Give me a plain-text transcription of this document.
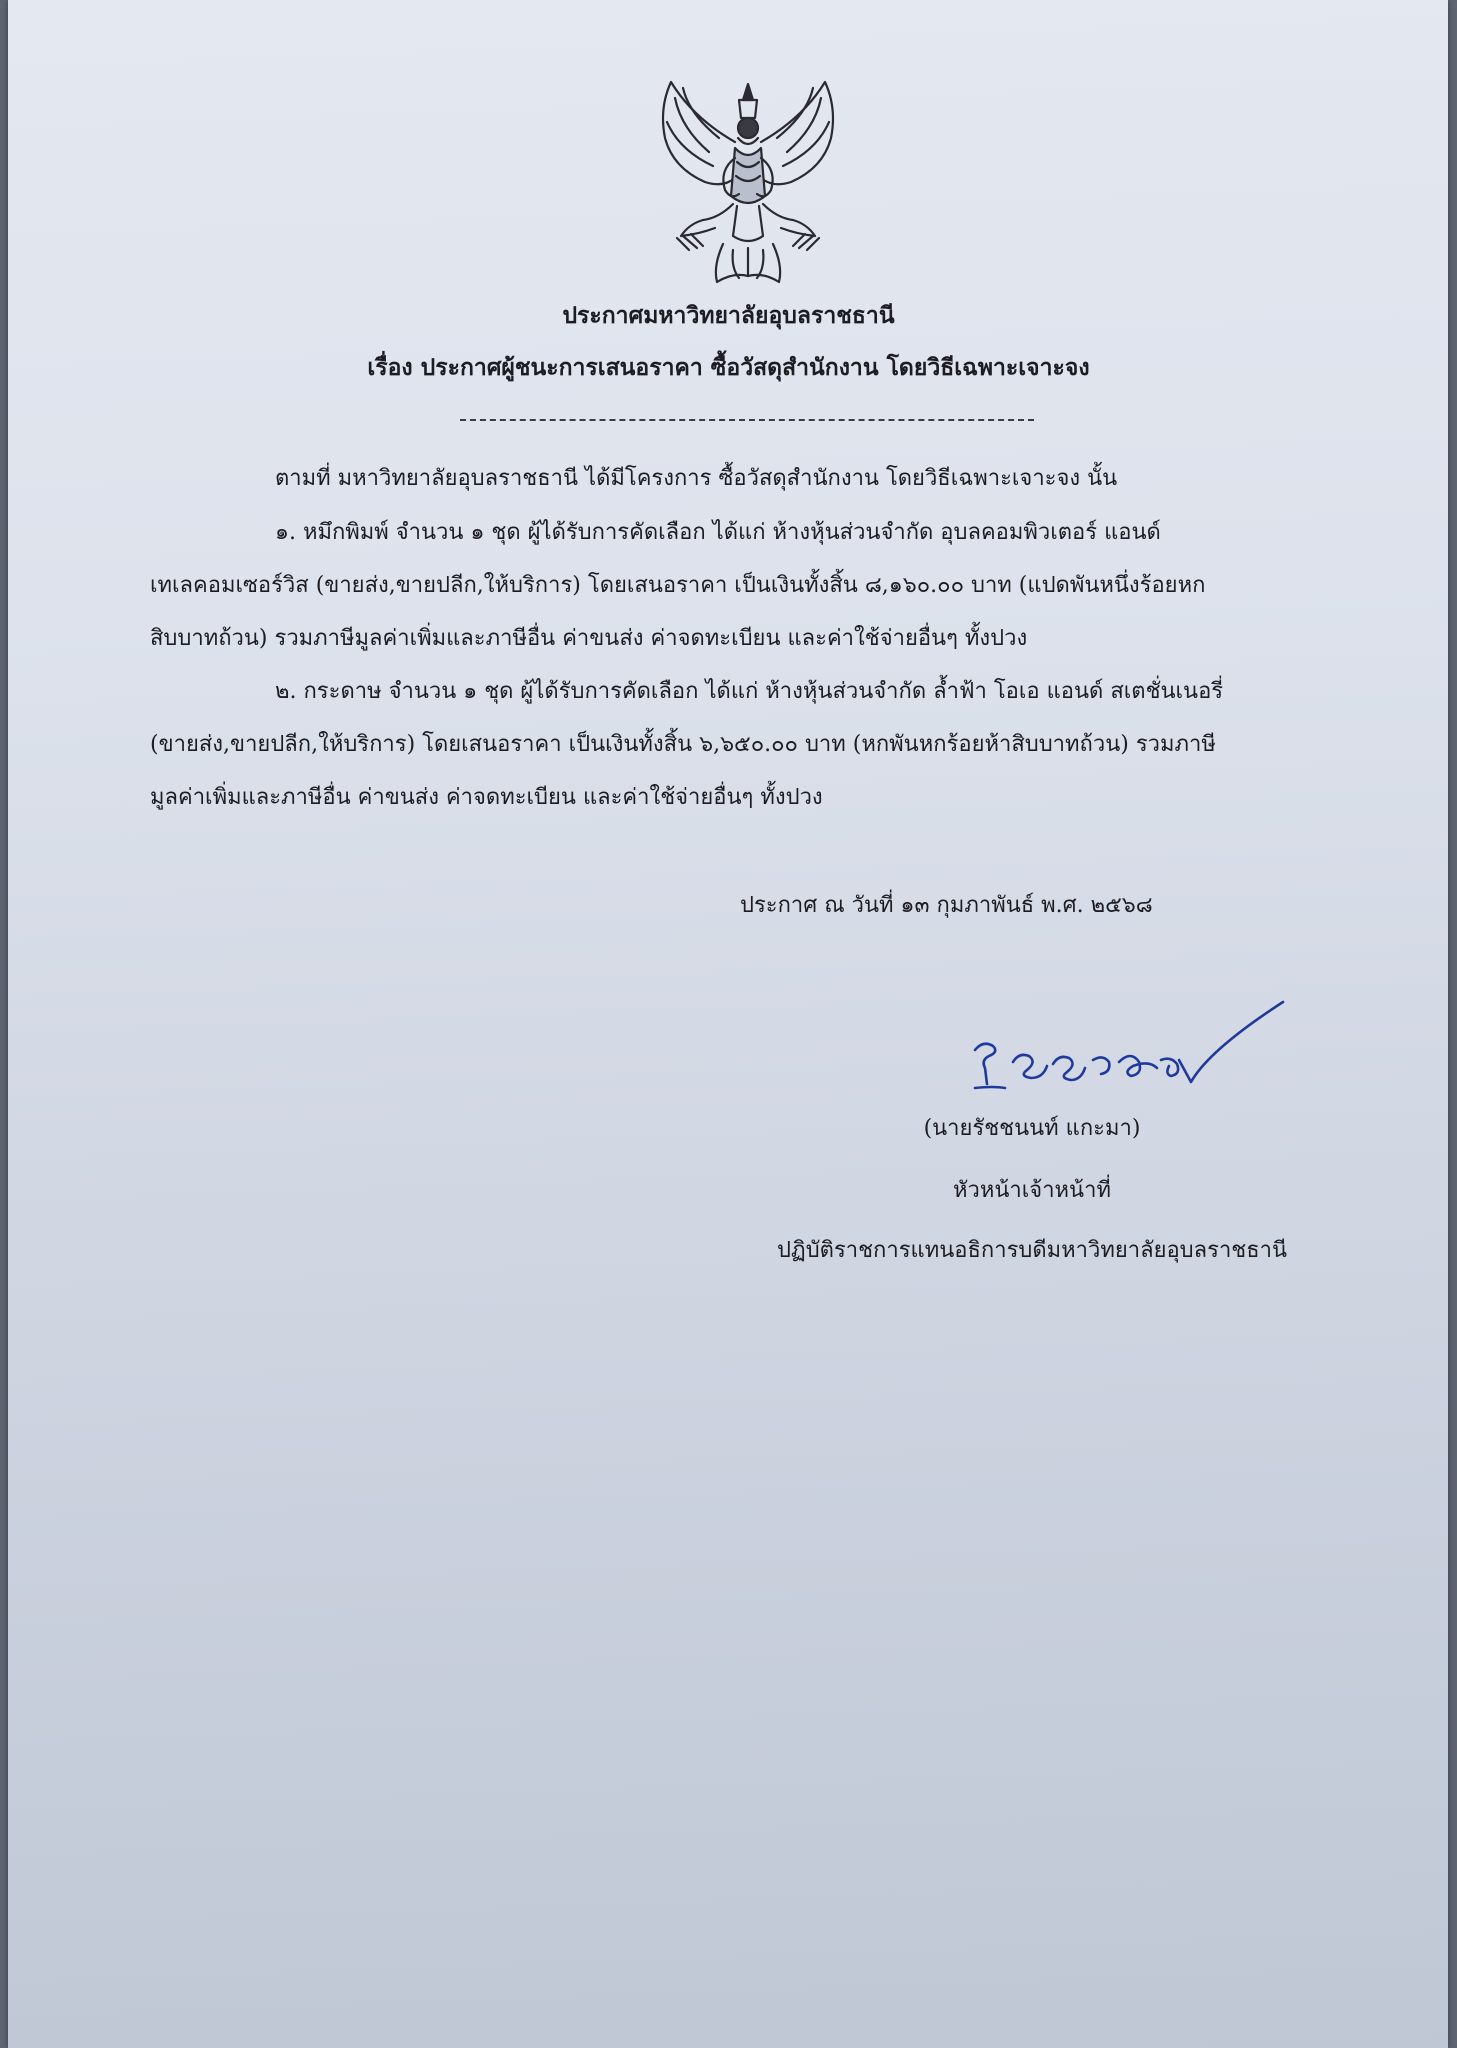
ประกาศมหาวิทยาลัยอุบลราชธานี
เรื่อง ประกาศผู้ชนะการเสนอราคา ซื้อวัสดุสำนักงาน โดยวิธีเฉพาะเจาะจง
ตามที่ มหาวิทยาลัยอุบลราชธานี ได้มีโครงการ ซื้อวัสดุสำนักงาน โดยวิธีเฉพาะเจาะจง นั้น
๑. หมึกพิมพ์ จำนวน ๑ ชุด ผู้ได้รับการคัดเลือก ได้แก่ ห้างหุ้นส่วนจำกัด อุบลคอมพิวเตอร์ แอนด์
เทเลคอมเซอร์วิส (ขายส่ง,ขายปลีก,ให้บริการ) โดยเสนอราคา เป็นเงินทั้งสิ้น ๘,๑๖๐.๐๐ บาท (แปดพันหนึ่งร้อยหก
สิบบาทถ้วน) รวมภาษีมูลค่าเพิ่มและภาษีอื่น ค่าขนส่ง ค่าจดทะเบียน และค่าใช้จ่ายอื่นๆ ทั้งปวง
๒. กระดาษ จำนวน ๑ ชุด ผู้ได้รับการคัดเลือก ได้แก่ ห้างหุ้นส่วนจำกัด ล้ำฟ้า โอเอ แอนด์ สเตชั่นเนอรี่
(ขายส่ง,ขายปลีก,ให้บริการ) โดยเสนอราคา เป็นเงินทั้งสิ้น ๖,๖๕๐.๐๐ บาท (หกพันหกร้อยห้าสิบบาทถ้วน) รวมภาษี
มูลค่าเพิ่มและภาษีอื่น ค่าขนส่ง ค่าจดทะเบียน และค่าใช้จ่ายอื่นๆ ทั้งปวง
ประกาศ ณ วันที่ ๑๓ กุมภาพันธ์ พ.ศ. ๒๕๖๘
(นายรัชชนนท์ แกะมา)
หัวหน้าเจ้าหน้าที่
ปฏิบัติราชการแทนอธิการบดีมหาวิทยาลัยอุบลราชธานี
